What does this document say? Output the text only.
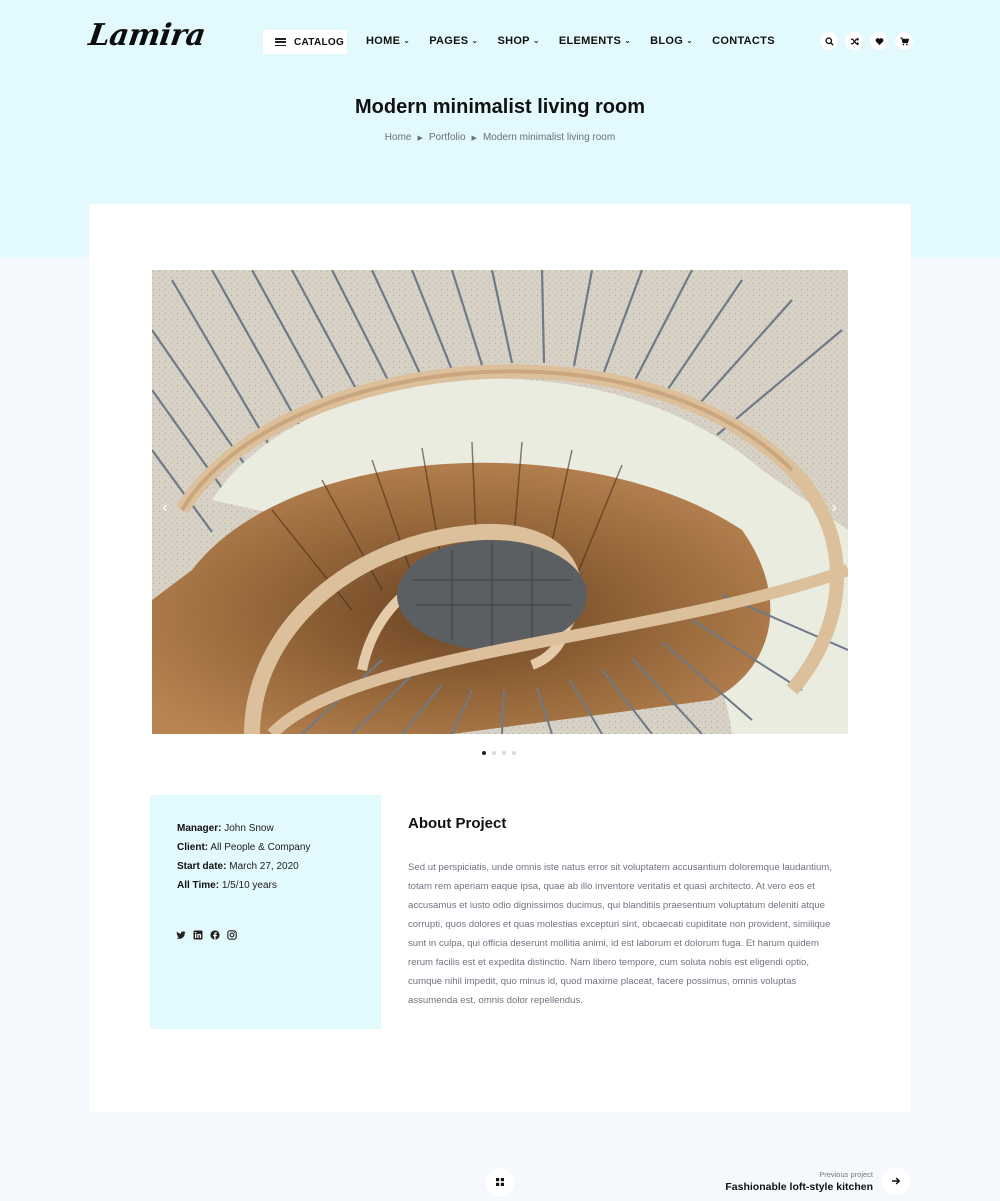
Lamira	CATALOG HOME ⌄ PAGES ⌄ SHOP ⌄ ELEMENTS ⌄ BLOG ⌄ CONTACTS
Modern minimalist living room
Home ▶ Portfolio ▶ Modern minimalist living room
‹	›
Manager: John Snow
Client: All People & Company
Start date: March 27, 2020
All Time: 1/5/10 years
About Project

Sed ut perspiciatis, unde omnis iste natus error sit voluptatem accusantium doloremque laudantium, totam rem aperiam eaque ipsa, quae ab illo inventore veritatis et quasi architecto. At vero eos et accusamus et iusto odio dignissimos ducimus, qui blanditiis praesentium voluptatum deleniti atque corrupti, quos dolores et quas molestias excepturi sint, obcaecati cupiditate non provident, similique sunt in culpa, qui officia deserunt mollitia animi, id est laborum et dolorum fuga. Et harum quidem rerum facilis est et expedita distinctio. Nam libero tempore, cum soluta nobis est eligendi optio, cumque nihil impedit, quo minus id, quod maxime placeat, facere possimus, omnis voluptas assumenda est, omnis dolor repellendus.

Previous project
Fashionable loft-style kitchen
